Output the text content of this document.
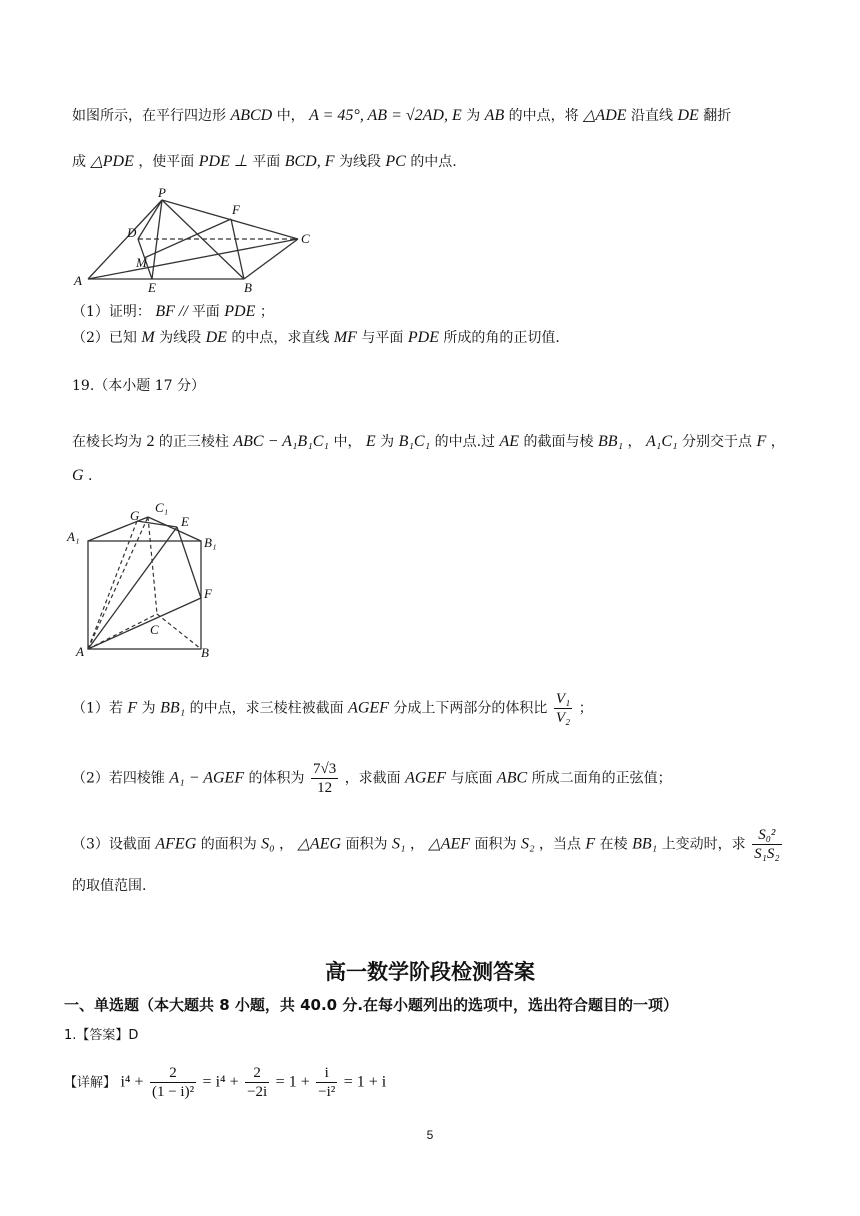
如图所示，在平行四边形 ABCD 中， A = 45°, AB = √2AD, E 为 AB 的中点，将 △ADE 沿直线 DE 翻折
成 △PDE ，使平面 PDE ⊥ 平面 BCD, F 为线段 PC 的中点.
P
F
D	C
M
A	E	B
（1）证明： BF // 平面 PDE ；
（2）已知 M 为线段 DE 的中点，求直线 MF 与平面 PDE 所成的角的正切值.
19.（本小题 17 分）
在棱长均为 2 的正三棱柱 ABC − A₁B₁C₁ 中， E 为 B₁C₁ 的中点.过 AE 的截面与棱 BB₁ ， A₁C₁ 分别交于点 F ，
G .
G
C₁
E
A₁	B₁
F
C
A	B
（1）若 F 为 BB₁ 的中点，求三棱柱被截面 AGEF 分成上下两部分的体积比 $\frac{\text{V₁}}{\text{V₂}}$ ；
（2）若四棱锥 A₁ − AGEF 的体积为 $\frac{7√3}{12}$ ，求截面 AGEF 与底面 ABC 所成二面角的正弦值；
（3）设截面 AFEG 的面积为 S₀ ， △AEG 面积为 S₁ ， △AEF 面积为 S₂ ，当点 F 在棱 BB₁ 上变动时，求 $\frac{\text{S₀²}}{\text{S₁S₂}}$
的取值范围.
高一数学阶段检测答案
一、单选题（本大题共 8 小题，共 40.0 分.在每小题列出的选项中，选出符合题目的一项）
1.【答案】D
【详解】 $i^4 + \frac{2}{\text{(1 − i)²}} = i^4 + \frac{2}{-2i} = 1 + \frac{i}{\text{−i²}} = 1 + i$
5
